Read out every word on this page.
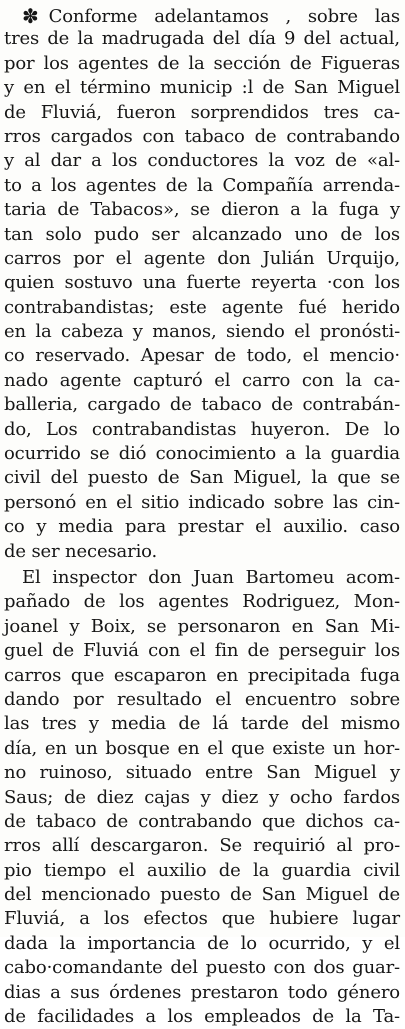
✽ Conforme adelantamos , sobre las
tres de la madrugada del día 9 del actual,
por los agentes de la sección de Figueras
y en el término municip :l de San Miguel
de Fluviá, fueron sorprendidos tres ca-
rros cargados con tabaco de contrabando
y al dar a los conductores la voz de «al-
to a los agentes de la Compañía arrenda-
taria de Tabacos», se dieron a la fuga y
tan solo pudo ser alcanzado uno de los
carros por el agente don Julián Urquijo,
quien sostuvo una fuerte reyerta ·con los
contrabandistas; este agente fué herido
en la cabeza y manos, siendo el pronósti-
co reservado. Apesar de todo, el menciο·
nado agente capturó el carro con la ca-
balleria, cargado de tabaco de contrabán-
do, Los contrabandistas huyeron. De lo
ocurrido se dió conocimiento a la guardia
civil del puesto de San Miguel, la que se
personó en el sitio indicado sobre las cin-
co y media para prestar el auxilio. caso
de ser necesario.
El inspector don Juan Bartomeu acom-
pañado de los agentes Rodriguez, Mon-
joanel y Boix, se personaron en San Mi-
guel de Fluviá con el fin de perseguir los
carros que escaparon en precipitada fuga
dando por resultado el encuentro sobre
las tres y media de lá tarde del mismo
día, en un bosque en el que existe un hor-
no ruinoso, situado entre San Miguel y
Saus; de diez cajas y diez y ocho fardos
de tabaco de contrabando que dichos ca-
rros allí descargaron. Se requirió al pro-
pio tiempo el auxilio de la guardia civil
del mencionado puesto de San Miguel de
Fluviá, a los efectos que hubiere lugar
dada la importancia de lo ocurrido, y el
cabo·comandante del puesto con dos guar-
dias a sus órdenes prestaron todo género
de facilidades a los empleados de la Ta-
